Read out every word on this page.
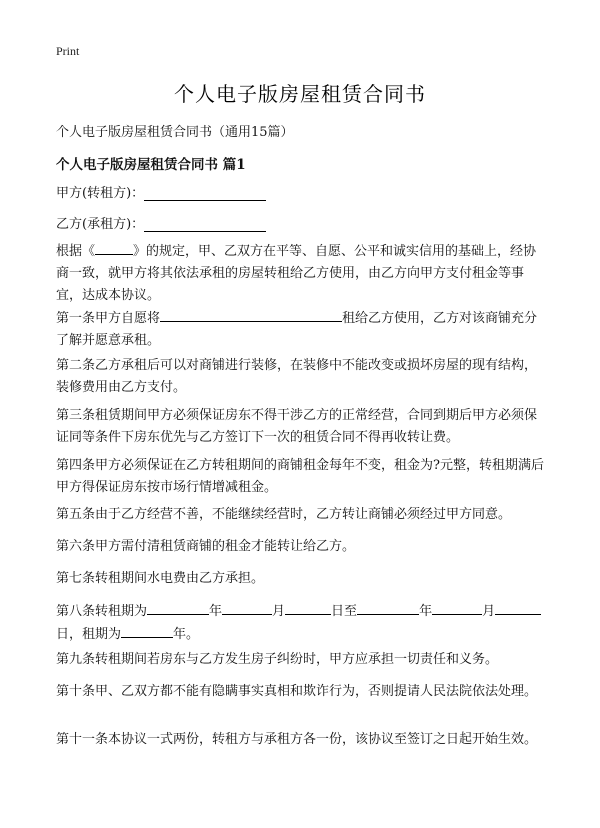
Print
个人电子版房屋租赁合同书
个人电子版房屋租赁合同书（通用15篇）
个人电子版房屋租赁合同书 篇1
甲方(转租方)：
乙方(承租方)：
根据《	》的规定，甲、乙双方在平等、自愿、公平和诚实信用的基础上，经协商一致，就甲方将其依法承租的房屋转租给乙方使用，由乙方向甲方支付租金等事宜，达成本协议。
第一条甲方自愿将	租给乙方使用，乙方对该商铺充分了解并愿意承租。
第二条乙方承租后可以对商铺进行装修，在装修中不能改变或损坏房屋的现有结构，装修费用由乙方支付。
第三条租赁期间甲方必须保证房东不得干涉乙方的正常经营，合同到期后甲方必须保证同等条件下房东优先与乙方签订下一次的租赁合同不得再收转让费。
第四条甲方必须保证在乙方转租期间的商铺租金每年不变，租金为?元整，转租期满后甲方得保证房东按市场行情增减租金。
第五条由于乙方经营不善，不能继续经营时，乙方转让商铺必须经过甲方同意。
第六条甲方需付清租赁商铺的租金才能转让给乙方。
第七条转租期间水电费由乙方承担。
第八条转租期为	年	月	日至	年	月日，租期为	年。
第九条转租期间若房东与乙方发生房子纠纷时，甲方应承担一切责任和义务。
第十条甲、乙双方都不能有隐瞒事实真相和欺诈行为，否则提请人民法院依法处理。
第十一条本协议一式两份，转租方与承租方各一份，该协议至签订之日起开始生效。
